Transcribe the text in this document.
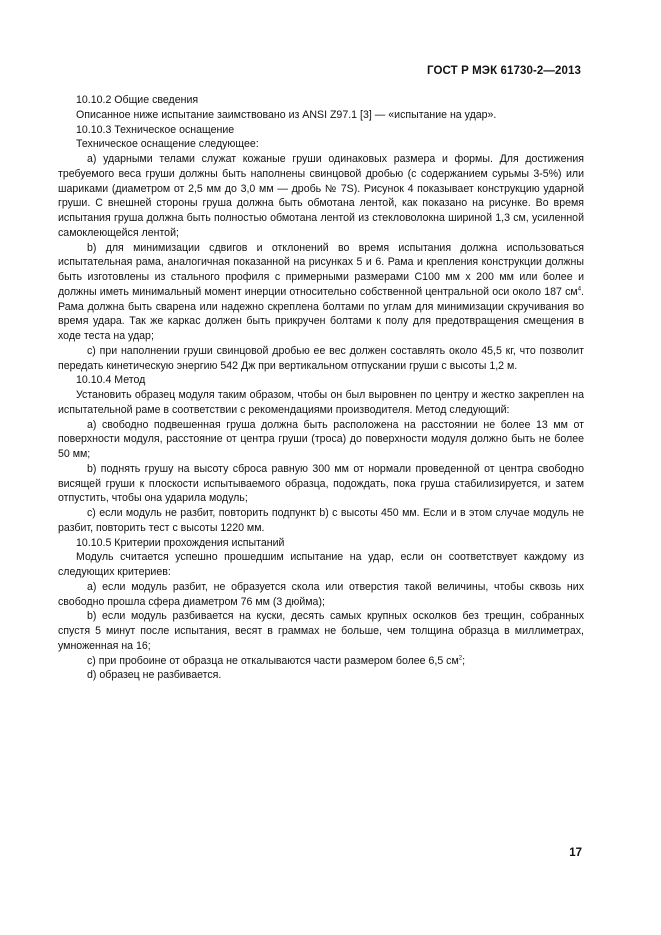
ГОСТ Р МЭК 61730-2—2013

10.10.2 Общие сведения

Описанное ниже испытание заимствовано из ANSI Z97.1 [3] — «испытание на удар».

10.10.3 Техническое оснащение

Техническое оснащение следующее:

а) ударными телами служат кожаные груши одинаковых размера и формы. Для достижения требуемого веса груши должны быть наполнены свинцовой дробью (с содержанием сурьмы 3-5%) или шариками (диаметром от 2,5 мм до 3,0 мм — дробь № 7S). Рисунок 4 показывает конструкцию ударной груши. С внешней стороны груша должна быть обмотана лентой, как показано на рисунке. Во время испытания груша должна быть полностью обмотана лентой из стекловолокна шириной 1,3 см, усиленной самоклеющейся лентой;

b) для минимизации сдвигов и отклонений во время испытания должна использоваться испытательная рама, аналогичная показанной на рисунках 5 и 6. Рама и крепления конструкции должны быть изготовлены из стального профиля с примерными размерами С100 мм х 200 мм или более и должны иметь минимальный момент инерции относительно собственной центральной оси около 187 $см^4$. Рама должна быть сварена или надежно скреплена болтами по углам для минимизации скручивания во время удара. Так же каркас должен быть прикручен болтами к полу для предотвращения смещения в ходе теста на удар;

с) при наполнении груши свинцовой дробью ее вес должен составлять около 45,5 кг, что позволит передать кинетическую энергию 542 Дж при вертикальном отпускании груши с высоты 1,2 м.

10.10.4 Метод

Установить образец модуля таким образом, чтобы он был выровнен по центру и жестко закреплен на испытательной раме в соответствии с рекомендациями производителя. Метод следующий:

а) свободно подвешенная груша должна быть расположена на расстоянии не более 13 мм от поверхности модуля, расстояние от центра груши (троса) до поверхности модуля должно быть не более 50 мм;

b) поднять грушу на высоту сброса равную 300 мм от нормали проведенной от центра свободно висящей груши к плоскости испытываемого образца, подождать, пока груша стабилизируется, и затем отпустить, чтобы она ударила модуль;

с) если модуль не разбит, повторить подпункт b) с высоты 450 мм. Если и в этом случае модуль не разбит, повторить тест с высоты 1220 мм.

10.10.5 Критерии прохождения испытаний

Модуль считается успешно прошедшим испытание на удар, если он соответствует каждому из следующих критериев:

а) если модуль разбит, не образуется скола или отверстия такой величины, чтобы сквозь них свободно прошла сфера диаметром 76 мм (3 дюйма);

b) если модуль разбивается на куски, десять самых крупных осколков без трещин, собранных спустя 5 минут после испытания, весят в граммах не больше, чем толщина образца в миллиметрах, умноженная на 16;

с) при пробоине от образца не откалываются части размером более 6,5 $см^2$;

d) образец не разбивается.

17
